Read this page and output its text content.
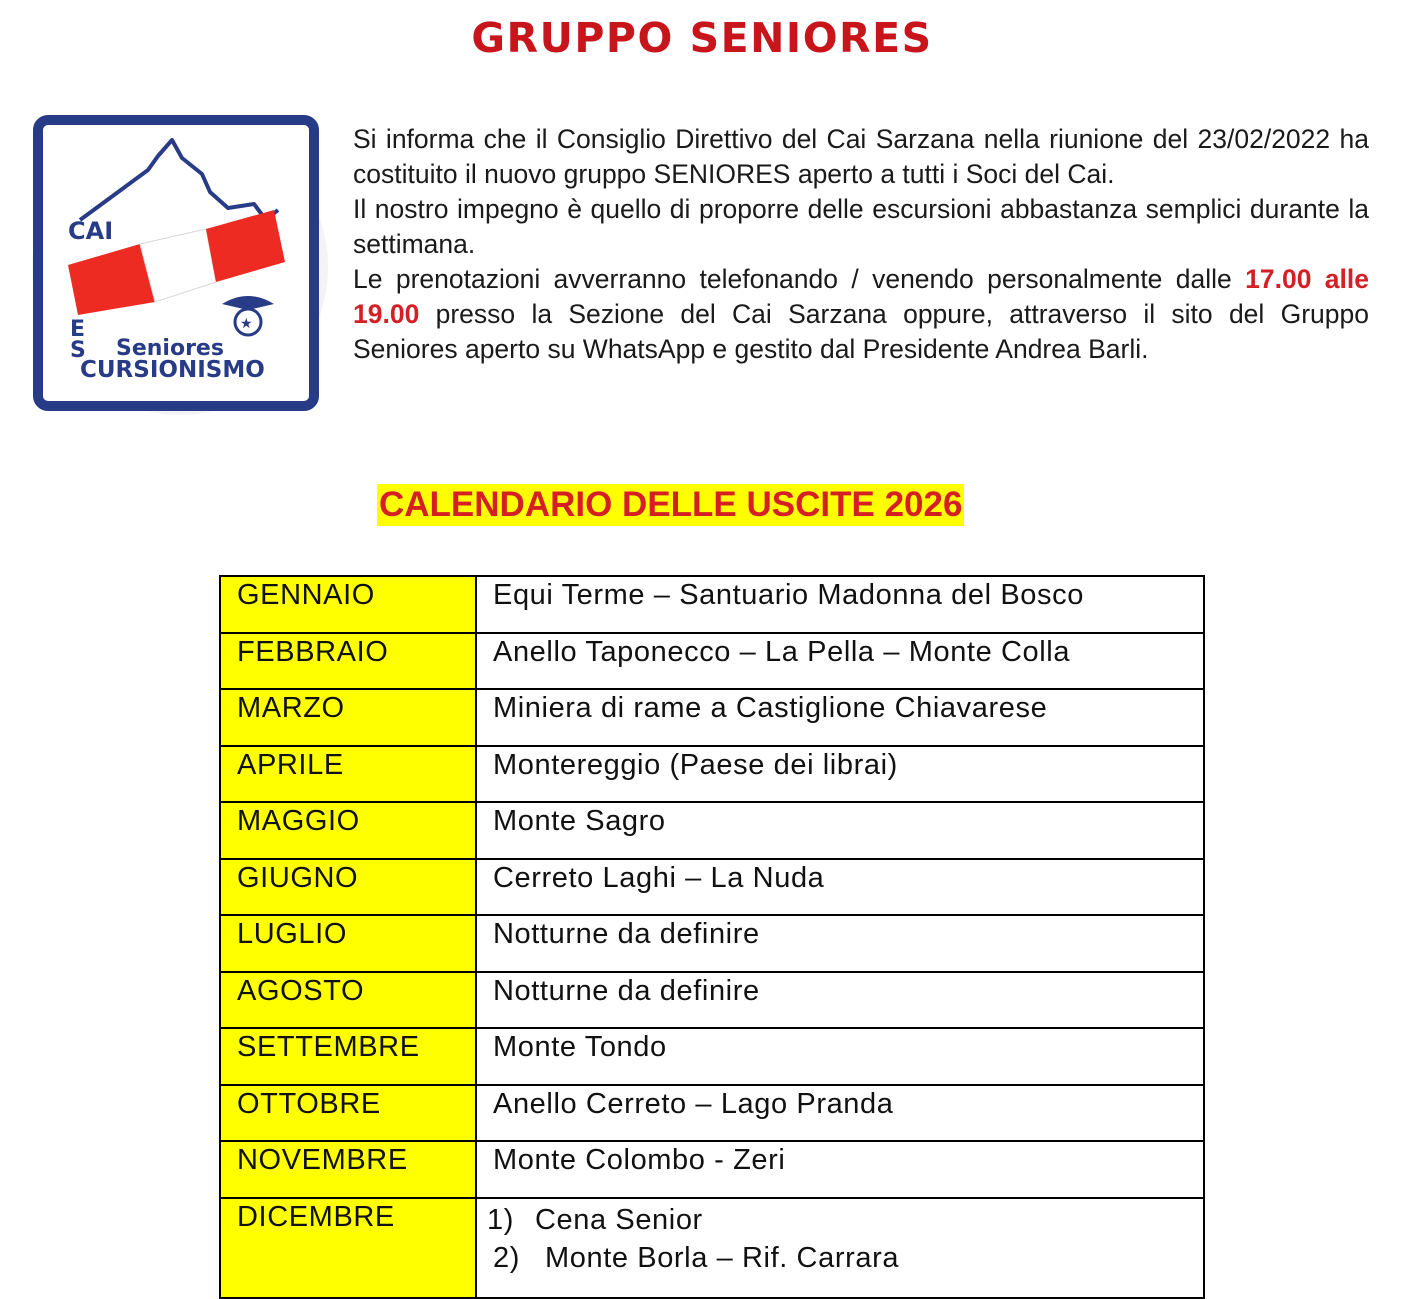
GRUPPO SENIORES
CAI
★
E
S Seniores
CURSIONISMO

Si informa che il Consiglio Direttivo del Cai Sarzana nella riunione del 23/02/2022 ha costituito il nuovo gruppo SENIORES aperto a tutti i Soci del Cai.

Il nostro impegno è quello di proporre delle escursioni abbastanza semplici durante la settimana.

Le prenotazioni avverranno telefonando / venendo personalmente dalle 17.00 alle 19.00 presso la Sezione del Cai Sarzana oppure, attraverso il sito del Gruppo Seniores aperto su WhatsApp e gestito dal Presidente Andrea Barli.

CALENDARIO DELLE USCITE 2026
GENNAIO	Equi Terme – Santuario Madonna del Bosco
FEBBRAIO	Anello Taponecco – La Pella – Monte Colla
MARZO	Miniera di rame a Castiglione Chiavarese
APRILE	Montereggio (Paese dei librai)
MAGGIO	Monte Sagro
GIUGNO	Cerreto Laghi – La Nuda
LUGLIO	Notturne da definire
AGOSTO	Notturne da definire
SETTEMBRE	Monte Tondo
OTTOBRE	Anello Cerreto – Lago Pranda
NOVEMBRE	Monte Colombo - Zeri
DICEMBRE	1) Cena Senior
2) Monte Borla – Rif. Carrara
